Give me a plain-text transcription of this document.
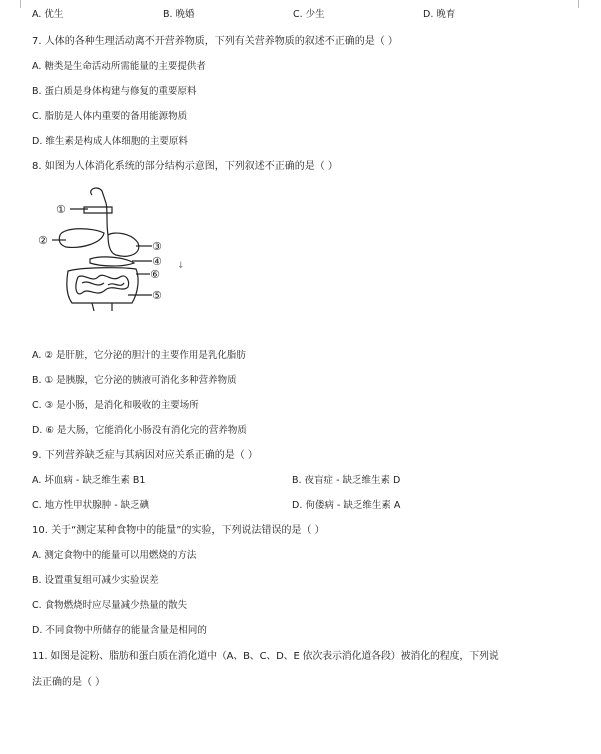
A. 优生	B. 晚婚	C. 少生	D. 晚育
7. 人体的各种生理活动离不开营养物质，下列有关营养物质的叙述不正确的是（ ）
A. 糖类是生命活动所需能量的主要提供者
B. 蛋白质是身体构建与修复的重要原料
C. 脂肪是人体内重要的备用能源物质
D. 维生素是构成人体细胞的主要原料
8. 如图为人体消化系统的部分结构示意图，下列叙述不正确的是（ ）
①
②	③
④
⑥
⑤
↓
A. ② 是肝脏，它分泌的胆汁的主要作用是乳化脂肪
B. ① 是胰腺，它分泌的胰液可消化多种营养物质
C. ③ 是小肠，是消化和吸收的主要场所
D. ⑥ 是大肠，它能消化小肠没有消化完的营养物质
9. 下列营养缺乏症与其病因对应关系正确的是（ ）
A. 坏血病 - 缺乏维生素 B1	B. 夜盲症 - 缺乏维生素 D
C. 地方性甲状腺肿 - 缺乏碘	D. 佝偻病 - 缺乏维生素 A
10. 关于“测定某种食物中的能量”的实验，下列说法错误的是（ ）
A. 测定食物中的能量可以用燃烧的方法
B. 设置重复组可减少实验误差
C. 食物燃烧时应尽量减少热量的散失
D. 不同食物中所储存的能量含量是相同的
11. 如图是淀粉、脂肪和蛋白质在消化道中（A、B、C、D、E 依次表示消化道各段）被消化的程度，下列说
法正确的是（ ）
